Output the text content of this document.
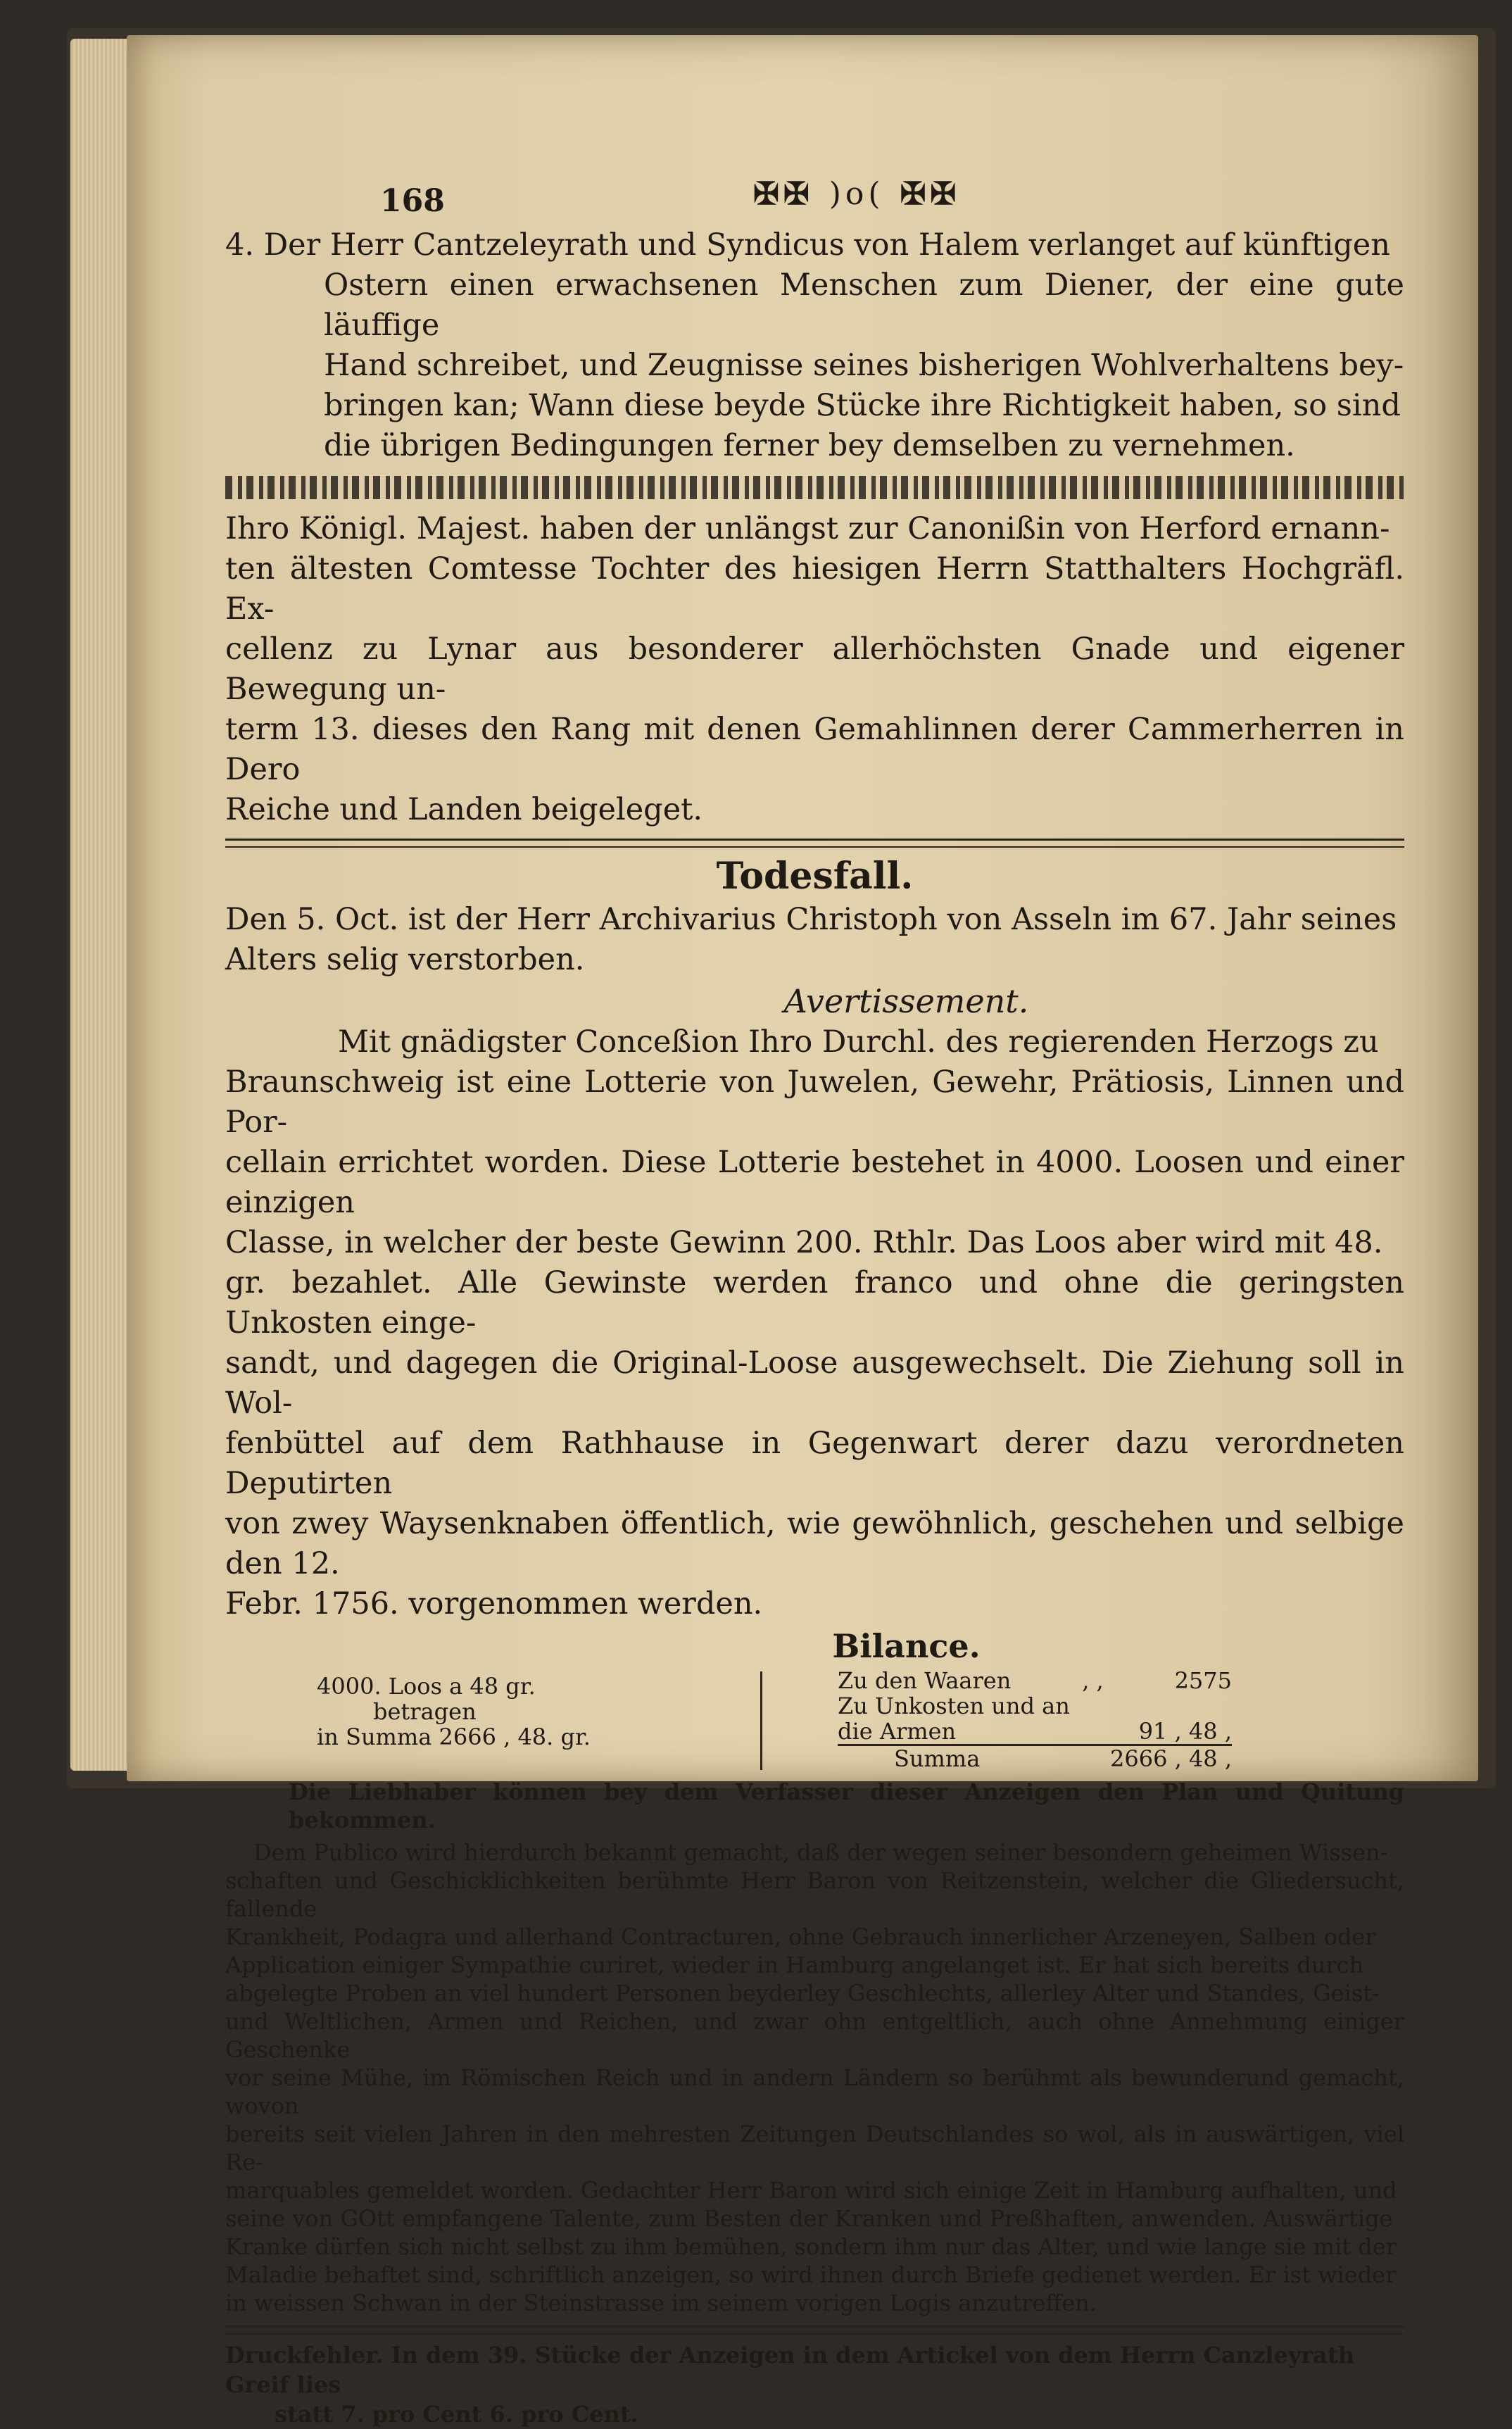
168	✠✠ )o( ✠✠

4. Der Herr Cantzeleyrath und Syndicus von Halem verlanget auf künftigen

Ostern einen erwachsenen Menschen zum Diener, der eine gute läuffige

Hand schreibet, und Zeugnisse seines bisherigen Wohlverhaltens bey-

bringen kan; Wann diese beyde Stücke ihre Richtigkeit haben, so sind

die übrigen Bedingungen ferner bey demselben zu vernehmen.

Ihro Königl. Majest. haben der unlängst zur Canonißin von Herford ernann-

ten ältesten Comtesse Tochter des hiesigen Herrn Statthalters Hochgräfl. Ex-

cellenz zu Lynar aus besonderer allerhöchsten Gnade und eigener Bewegung un-

term 13. dieses den Rang mit denen Gemahlinnen derer Cammerherren in Dero

Reiche und Landen beigeleget.

Todesfall.

Den 5. Oct. ist der Herr Archivarius Christoph von Asseln im 67. Jahr seines

Alters selig verstorben.

Avertissement.

Mit gnädigster Conceßion Ihro Durchl. des regierenden Herzogs zu

Braunschweig ist eine Lotterie von Juwelen, Gewehr, Prätiosis, Linnen und Por-

cellain errichtet worden. Diese Lotterie bestehet in 4000. Loosen und einer einzigen

Classe, in welcher der beste Gewinn 200. Rthlr. Das Loos aber wird mit 48.

gr. bezahlet. Alle Gewinste werden franco und ohne die geringsten Unkosten einge-

sandt, und dagegen die Original-Loose ausgewechselt. Die Ziehung soll in Wol-

fenbüttel auf dem Rathhause in Gegenwart derer dazu verordneten Deputirten

von zwey Waysenknaben öffentlich, wie gewöhnlich, geschehen und selbige den 12.

Febr. 1756. vorgenommen werden.

Bilance.
4000. Loos a 48 gr.
betragen
in Summa 2666 , 48. gr.
Zu den Waaren	, ,	2575
Zu Unkosten und an
die Armen	91 , 48 ,
Summa	2666 , 48 ,
Die Liebhaber können bey dem Verfasser dieser Anzeigen den Plan und Quitung bekommen.

Dem Publico wird hierdurch bekannt gemacht, daß der wegen seiner besondern geheimen Wissen-

schaften und Geschicklichkeiten berühmte Herr Baron von Reitzenstein, welcher die Gliedersucht, fallende

Krankheit, Podagra und allerhand Contracturen, ohne Gebrauch innerlicher Arzeneyen, Salben oder

Application einiger Sympathie curiret, wieder in Hamburg angelanget ist. Er hat sich bereits durch

abgelegte Proben an viel hundert Personen beyderley Geschlechts, allerley Alter und Standes, Geist-

und Weltlichen, Armen und Reichen, und zwar ohn entgeltlich, auch ohne Annehmung einiger Geschenke

vor seine Mühe, im Römischen Reich und in andern Ländern so berühmt als bewunderund gemacht, wovon

bereits seit vielen Jahren in den mehresten Zeitungen Deutschlandes so wol, als in auswärtigen, viel Re-

marquables gemeldet worden. Gedachter Herr Baron wird sich einige Zeit in Hamburg aufhalten, und

seine von GOtt empfangene Talente, zum Besten der Kranken und Preßhaften, anwenden. Auswärtige

Kranke dürfen sich nicht selbst zu ihm bemühen, sondern ihm nur das Alter, und wie lange sie mit der

Maladie behaftet sind, schriftlich anzeigen, so wird ihnen durch Briefe gedienet werden. Er ist wieder

in weissen Schwan in der Steinstrasse im seinem vorigen Logis anzutreffen.

Druckfehler. In dem 39. Stücke der Anzeigen in dem Artickel von dem Herrn Canzleyrath Greif lies

statt 7. pro Cent 6. pro Cent.
